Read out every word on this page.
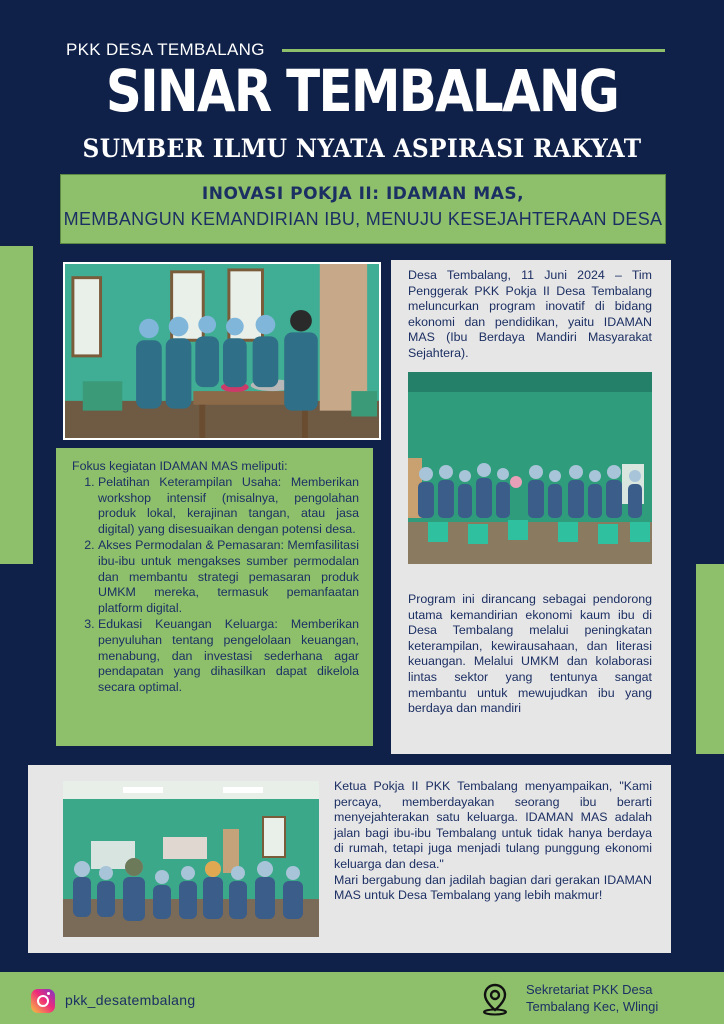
PKK DESA TEMBALANG
SINAR TEMBALANG
SUMBER ILMU NYATA ASPIRASI RAKYAT
INOVASI POKJA II: IDAMAN MAS,
MEMBANGUN KEMANDIRIAN IBU, MENUJU KESEJAHTERAAN DESA
Fokus kegiatan IDAMAN MAS meliputi:
1. Pelatihan Keterampilan Usaha: Memberikan workshop intensif (misalnya, pengolahan produk lokal, kerajinan tangan, atau jasa digital) yang disesuaikan dengan potensi desa.
2. Akses Permodalan & Pemasaran: Memfasilitasi ibu-ibu untuk mengakses sumber permodalan dan membantu strategi pemasaran produk UMKM mereka, termasuk pemanfaatan platform digital.
3. Edukasi Keuangan Keluarga: Memberikan penyuluhan tentang pengelolaan keuangan, menabung, dan investasi sederhana agar pendapatan yang dihasilkan dapat dikelola secara optimal.
Desa Tembalang, 11 Juni 2024 – Tim Penggerak PKK Pokja II Desa Tembalang meluncurkan program inovatif di bidang ekonomi dan pendidikan, yaitu IDAMAN MAS (Ibu Berdaya Mandiri Masyarakat Sejahtera).
Program ini dirancang sebagai pendorong utama kemandirian ekonomi kaum ibu di Desa Tembalang melalui peningkatan keterampilan, kewirausahaan, dan literasi keuangan. Melalui UMKM dan kolaborasi lintas sektor yang tentunya sangat membantu untuk mewujudkan ibu yang berdaya dan mandiri
Ketua Pokja II PKK Tembalang menyampaikan, "Kami percaya, memberdayakan seorang ibu berarti menyejahterakan satu keluarga. IDAMAN MAS adalah jalan bagi ibu-ibu Tembalang untuk tidak hanya berdaya di rumah, tetapi juga menjadi tulang punggung ekonomi keluarga dan desa."
Mari bergabung dan jadilah bagian dari gerakan IDAMAN MAS untuk Desa Tembalang yang lebih makmur!
pkk_desatembalang
Sekretariat PKK Desa
Tembalang Kec, Wlingi
